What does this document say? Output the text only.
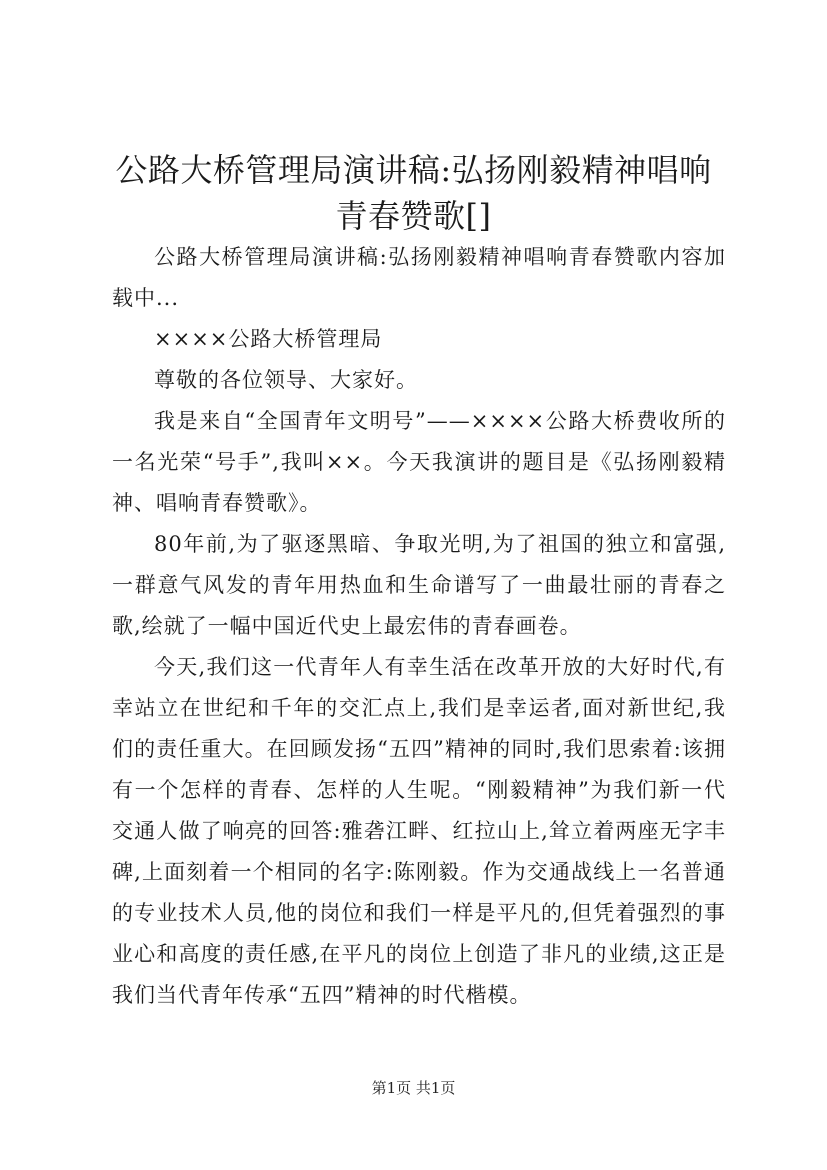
公路大桥管理局演讲稿:弘扬刚毅精神唱响青春赞歌[]

公路大桥管理局演讲稿:弘扬刚毅精神唱响青春赞歌内容加载中...

××××公路大桥管理局

尊敬的各位领导、大家好。

我是来自“全国青年文明号”——××××公路大桥费收所的一名光荣“号手”,我叫××。今天我演讲的题目是《弘扬刚毅精神、唱响青春赞歌》。

80年前,为了驱逐黑暗、争取光明,为了祖国的独立和富强,一群意气风发的青年用热血和生命谱写了一曲最壮丽的青春之歌,绘就了一幅中国近代史上最宏伟的青春画卷。

今天,我们这一代青年人有幸生活在改革开放的大好时代,有幸站立在世纪和千年的交汇点上,我们是幸运者,面对新世纪,我们的责任重大。在回顾发扬“五四”精神的同时,我们思索着:该拥有一个怎样的青春、怎样的人生呢。“刚毅精神”为我们新一代交通人做了响亮的回答:雅砻江畔、红拉山上,耸立着两座无字丰碑,上面刻着一个相同的名字:陈刚毅。作为交通战线上一名普通的专业技术人员,他的岗位和我们一样是平凡的,但凭着强烈的事业心和高度的责任感,在平凡的岗位上创造了非凡的业绩,这正是我们当代青年传承“五四”精神的时代楷模。

第1页 共1页
